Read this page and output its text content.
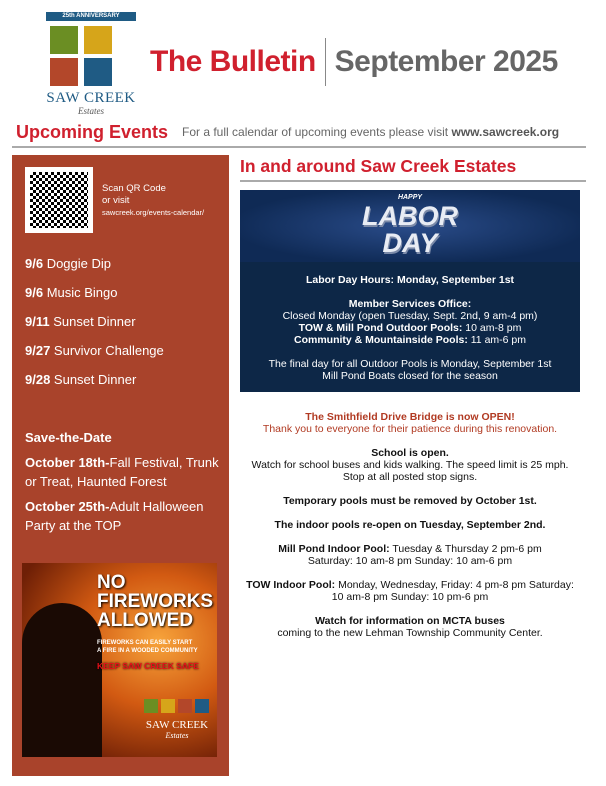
25th ANNIVERSARY
SAW CREEK
Estates
The Bulletin September 2025
Upcoming Events For a full calendar of upcoming events please visit www.sawcreek.org
Scan QR Code
or visit
sawcreek.org/events-calendar/
9/6 Doggie Dip
9/6 Music Bingo
9/11 Sunset Dinner
9/27 Survivor Challenge
9/28 Sunset Dinner
Save-the-Date
October 18th-Fall Festival, Trunk or Treat, Haunted Forest
October 25th-Adult Halloween Party at the TOP
NO
FIREWORKS
ALLOWED
FIREWORKS CAN EASILY START
A FIRE IN A WOODED COMMUNITY
KEEP SAW CREEK SAFE
SAW CREEK
Estates
In and around Saw Creek Estates
HAPPY
LABOR
DAY

Labor Day Hours: Monday, September 1st

Member Services Office:
Closed Monday (open Tuesday, Sept. 2nd, 9 am-4 pm)
TOW & Mill Pond Outdoor Pools: 10 am-8 pm
Community & Mountainside Pools: 11 am-6 pm

The final day for all Outdoor Pools is Monday, September 1st
Mill Pond Boats closed for the season

The Smithfield Drive Bridge is now OPEN!
Thank you to everyone for their patience during this renovation.

School is open.
Watch for school buses and kids walking. The speed limit is 25 mph. Stop at all posted stop signs.

Temporary pools must be removed by October 1st.

The indoor pools re-open on Tuesday, September 2nd.

Mill Pond Indoor Pool: Tuesday & Thursday 2 pm-6 pm Saturday: 10 am-8 pm Sunday: 10 am-6 pm

TOW Indoor Pool: Monday, Wednesday, Friday: 4 pm-8 pm Saturday: 10 am-8 pm Sunday: 10 pm-6 pm

Watch for information on MCTA buses
coming to the new Lehman Township Community Center.
